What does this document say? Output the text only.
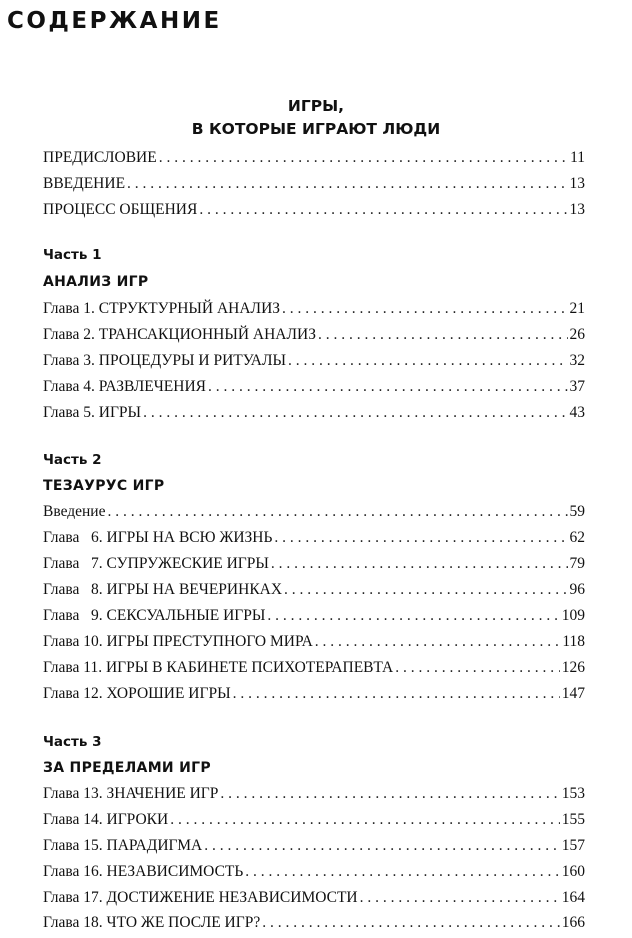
СОДЕРЖАНИЕ
ИГРЫ,
В КОТОРЫЕ ИГРАЮТ ЛЮДИ
ПРЕДИСЛОВИЕ . . .	11
ВВЕДЕНИЕ . . .	13
ПРОЦЕСС ОБЩЕНИЯ . . .	13
Часть 1
АНАЛИЗ ИГР
Глава 1. СТРУКТУРНЫЙ АНАЛИЗ . . .	21
Глава 2. ТРАНСАКЦИОННЫЙ АНАЛИЗ . . .	26
Глава 3. ПРОЦЕДУРЫ И РИТУАЛЫ . . .	32
Глава 4. РАЗВЛЕЧЕНИЯ . . .	37
Глава 5. ИГРЫ . . .	43
Часть 2
ТЕЗАУРУС ИГР
Введение . . .	59
Глава   6. ИГРЫ НА ВСЮ ЖИЗНЬ . . .	62
Глава   7. СУПРУЖЕСКИЕ ИГРЫ . . .	79
Глава   8. ИГРЫ НА ВЕЧЕРИНКАХ . . .	96
Глава   9. СЕКСУАЛЬНЫЕ ИГРЫ . . .	109
Глава 10. ИГРЫ ПРЕСТУПНОГО МИРА . . .	118
Глава 11. ИГРЫ В КАБИНЕТЕ ПСИХОТЕРАПЕВТА . . .	126
Глава 12. ХОРОШИЕ ИГРЫ . . .	147
Часть 3
ЗА ПРЕДЕЛАМИ ИГР
Глава 13. ЗНАЧЕНИЕ ИГР . . .	153
Глава 14. ИГРОКИ . . .	155
Глава 15. ПАРАДИГМА . . .	157
Глава 16. НЕЗАВИСИМОСТЬ . . .	160
Глава 17. ДОСТИЖЕНИЕ НЕЗАВИСИМОСТИ . . .	164
Глава 18. ЧТО ЖЕ ПОСЛЕ ИГР? . . .	166
